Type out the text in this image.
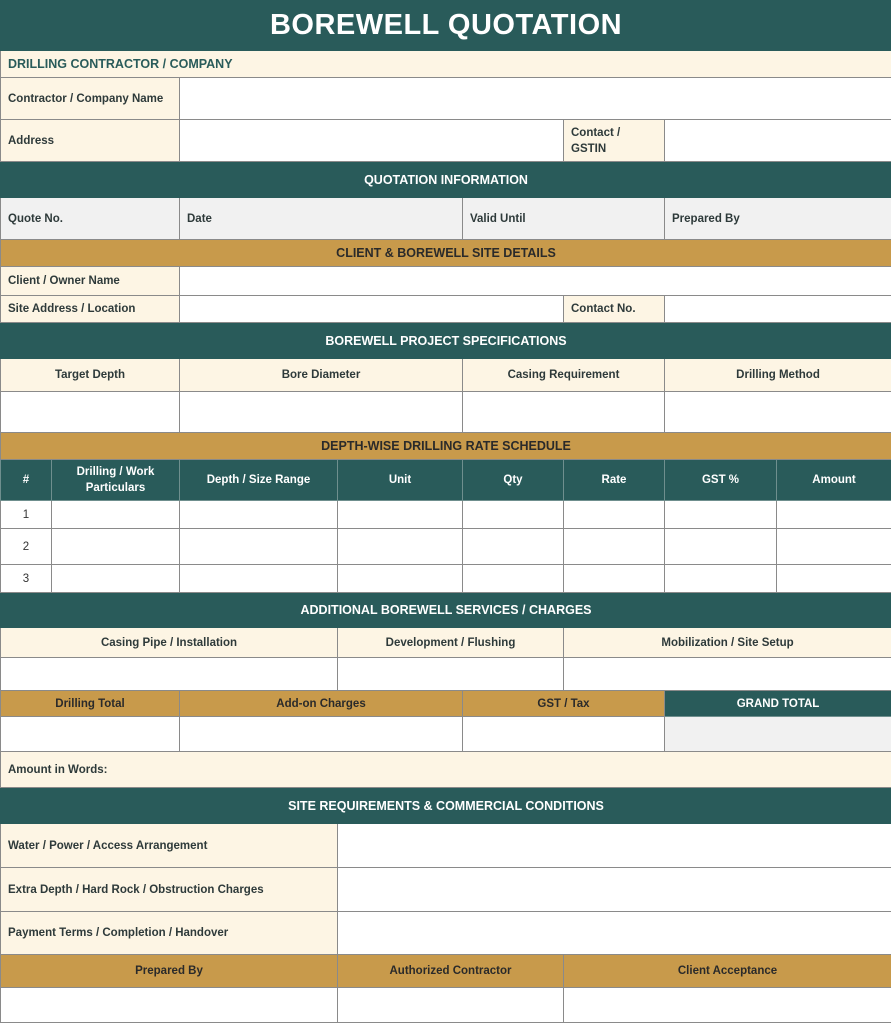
BOREWELL QUOTATION							
DRILLING CONTRACTOR / COMPANY							
Contractor / Company Name							
Address					Contact / GSTIN		
QUOTATION INFORMATION							
Quote No.		Date		Valid Until		Prepared By	
CLIENT & BOREWELL SITE DETAILS							
Client / Owner Name							
Site Address / Location					Contact No.		
BOREWELL PROJECT SPECIFICATIONS							
Target Depth		Bore Diameter		Casing Requirement		Drilling Method	

DEPTH-WISE DRILLING RATE SCHEDULE							
#	Drilling / Work Particulars	Depth / Size Range	Unit	Qty	Rate	GST %	Amount
1							
2							
3							
ADDITIONAL BOREWELL SERVICES / CHARGES							
Casing Pipe / Installation			Development / Flushing		Mobilization / Site Setup		

Drilling Total		Add-on Charges		GST / Tax		GRAND TOTAL	

Amount in Words:							
SITE REQUIREMENTS & COMMERCIAL CONDITIONS							
Water / Power / Access Arrangement							
Extra Depth / Hard Rock / Obstruction Charges							
Payment Terms / Completion / Handover							
Prepared By			Authorized Contractor		Client Acceptance		
